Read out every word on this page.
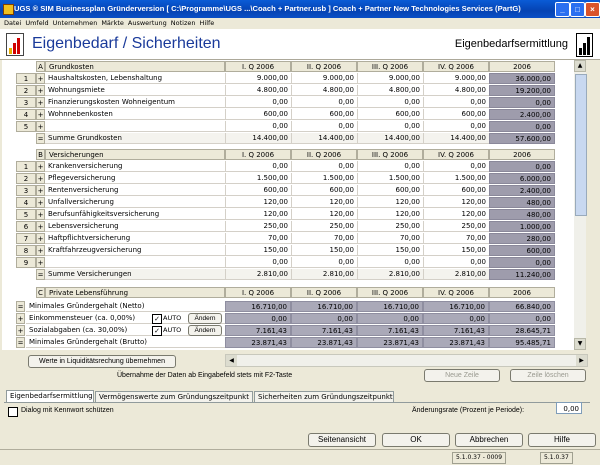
UGS ® SIM Businessplan Gründerversion [ C:\Programme\UGS ...\Coach + Partner.usb ] Coach + Partner New Technologies Services (PartG)	_	□	×
Datei Umfeld Unternehmen Märkte Auswertung Notizen Hilfe
Eigenbedarf / Sicherheiten	Eigenbedarfsermittlung
A Grundkosten	I. Q 2006	II. Q 2006	III. Q 2006	IV. Q 2006	2006
1	+ Haushaltskosten, Lebenshaltung	9.000,00	9.000,00	9.000,00	9.000,00	36.000,00
2	+ Wohnungsmiete	4.800,00	4.800,00	4.800,00	4.800,00	19.200,00
3	+ Finanzierungskosten Wohneigentum	0,00	0,00	0,00	0,00	0,00
4	+ Wohnnebenkosten	600,00	600,00	600,00	600,00	2.400,00
5	+	0,00	0,00	0,00	0,00	0,00
= Summe Grundkosten	14.400,00	14.400,00	14.400,00	14.400,00	57.600,00
B Versicherungen	I. Q 2006	II. Q 2006	III. Q 2006	IV. Q 2006	2006
1	+ Krankenversicherung	0,00	0,00	0,00	0,00	0,00
2	+ Pflegeversicherung	1.500,00	1.500,00	1.500,00	1.500,00	6.000,00
3	+ Rentenversicherung	600,00	600,00	600,00	600,00	2.400,00
4	+ Unfallversicherung	120,00	120,00	120,00	120,00	480,00
5	+ Berufsunfähigkeitsversicherung	120,00	120,00	120,00	120,00	480,00
6	+ Lebensversicherung	250,00	250,00	250,00	250,00	1.000,00
7	+ Haftpflichtversicherung	70,00	70,00	70,00	70,00	280,00
8	+ Kraftfahrzeugversicherung	150,00	150,00	150,00	150,00	600,00
9	+	0,00	0,00	0,00	0,00	0,00
= Summe Versicherungen	2.810,00	2.810,00	2.810,00	2.810,00	11.240,00
C Private Lebensführung	I. Q 2006	II. Q 2006	III. Q 2006	IV. Q 2006	2006
= Minimales Gründergehalt (Netto)	16.710,00	16.710,00	16.710,00	16.710,00	66.840,00
+ Einkommensteuer (ca. 0,00%)	✓ AUTO	Ändern	0,00	0,00	0,00	0,00	0,00
+ Sozialabgaben (ca. 30,00%)	✓ AUTO	Ändern	7.161,43	7.161,43	7.161,43	7.161,43	28.645,71
= Minimales Gründergehalt (Brutto)	23.871,43	23.871,43	23.871,43	23.871,43	95.485,71
▲
▼
◀	▶
Werte in Liquiditätsrechung übernehmen
Übernahme der Daten ab Eingabefeld stets mit F2-Taste	Neue Zeile	Zeile löschen
Eigenbedarfsermittlung Vermögenswerte zum Gründungszeitpunkt	Sicherheiten zum Gründungszeitpunkt
Dialog mit Kennwort schützen	Änderungsrate (Prozent je Periode):	0,00
Seitenansicht	OK	Abbrechen	Hilfe
5.1.0.37 - 0009	5.1.0.37
